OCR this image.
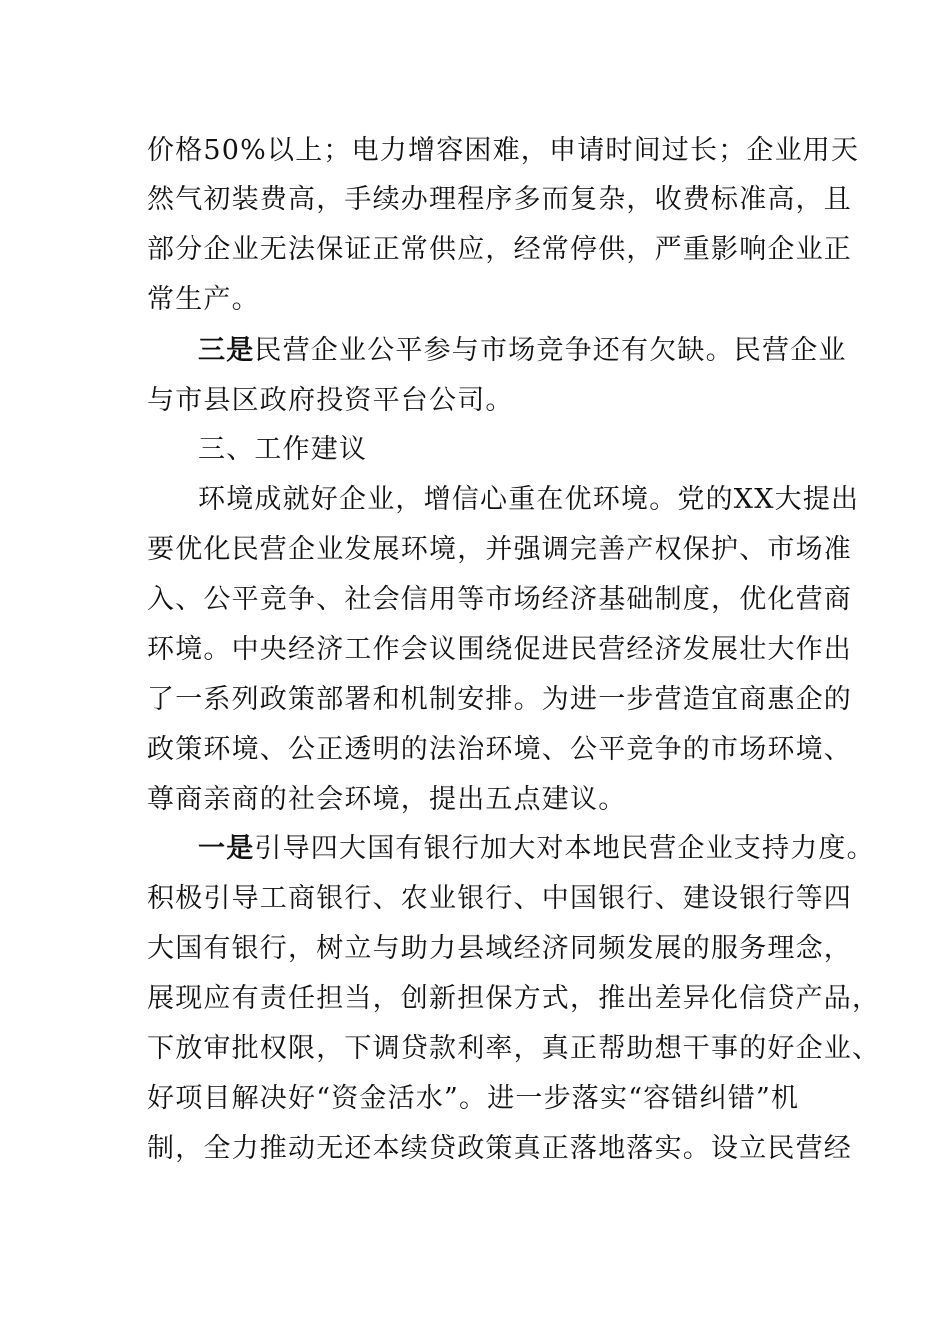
价格50%以上；电力增容困难，申请时间过长；企业用天
然气初装费高，手续办理程序多而复杂，收费标准高，且
部分企业无法保证正常供应，经常停供，严重影响企业正
常生产。
三是民营企业公平参与市场竞争还有欠缺。民营企业
与市县区政府投资平台公司。
三、工作建议
环境成就好企业，增信心重在优环境。党的XX大提出
要优化民营企业发展环境，并强调完善产权保护、市场准
入、公平竞争、社会信用等市场经济基础制度，优化营商
环境。中央经济工作会议围绕促进民营经济发展壮大作出
了一系列政策部署和机制安排。为进一步营造宜商惠企的
政策环境、公正透明的法治环境、公平竞争的市场环境、
尊商亲商的社会环境，提出五点建议。
一是引导四大国有银行加大对本地民营企业支持力度。
积极引导工商银行、农业银行、中国银行、建设银行等四
大国有银行，树立与助力县域经济同频发展的服务理念，
展现应有责任担当，创新担保方式，推出差异化信贷产品，
下放审批权限，下调贷款利率，真正帮助想干事的好企业、
好项目解决好“资金活水”。进一步落实“容错纠错”机
制，全力推动无还本续贷政策真正落地落实。设立民营经
